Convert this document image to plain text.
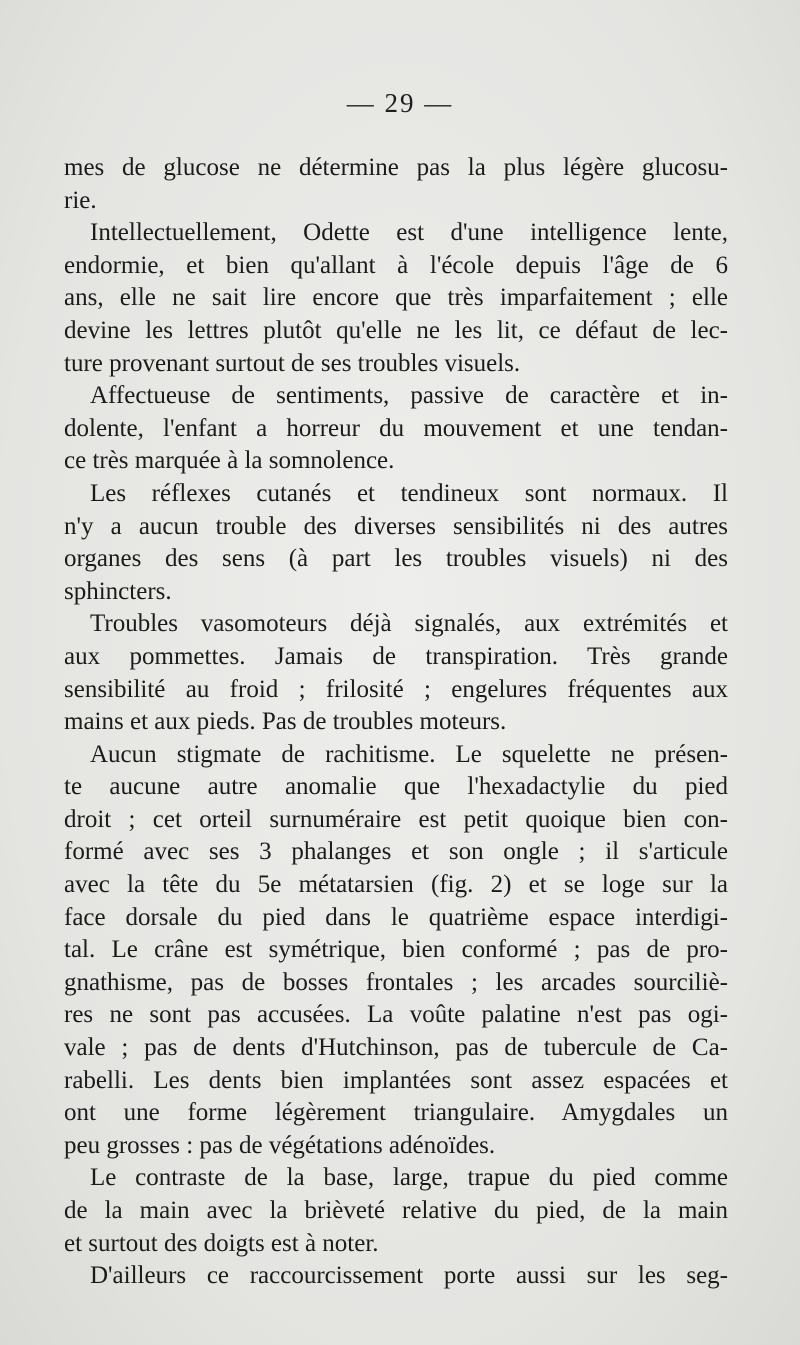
— 29 —
mes de glucose ne détermine pas la plus légère glucosu-
rie.
Intellectuellement, Odette est d'une intelligence lente,
endormie, et bien qu'allant à l'école depuis l'âge de 6
ans, elle ne sait lire encore que très imparfaitement ; elle
devine les lettres plutôt qu'elle ne les lit, ce défaut de lec-
ture provenant surtout de ses troubles visuels.
Affectueuse de sentiments, passive de caractère et in-
dolente, l'enfant a horreur du mouvement et une tendan-
ce très marquée à la somnolence.
Les réflexes cutanés et tendineux sont normaux. Il
n'y a aucun trouble des diverses sensibilités ni des autres
organes des sens (à part les troubles visuels) ni des
sphincters.
Troubles vasomoteurs déjà signalés, aux extrémités et
aux pommettes. Jamais de transpiration. Très grande
sensibilité au froid ; frilosité ; engelures fréquentes aux
mains et aux pieds. Pas de troubles moteurs.
Aucun stigmate de rachitisme. Le squelette ne présen-
te aucune autre anomalie que l'hexadactylie du pied
droit ; cet orteil surnuméraire est petit quoique bien con-
formé avec ses 3 phalanges et son ongle ; il s'articule
avec la tête du 5e métatarsien (fig. 2) et se loge sur la
face dorsale du pied dans le quatrième espace interdigi-
tal. Le crâne est symétrique, bien conformé ; pas de pro-
gnathisme, pas de bosses frontales ; les arcades sourciliè-
res ne sont pas accusées. La voûte palatine n'est pas ogi-
vale ; pas de dents d'Hutchinson, pas de tubercule de Ca-
rabelli. Les dents bien implantées sont assez espacées et
ont une forme légèrement triangulaire. Amygdales un
peu grosses : pas de végétations adénoïdes.
Le contraste de la base, large, trapue du pied comme
de la main avec la brièveté relative du pied, de la main
et surtout des doigts est à noter.
D'ailleurs ce raccourcissement porte aussi sur les seg-
